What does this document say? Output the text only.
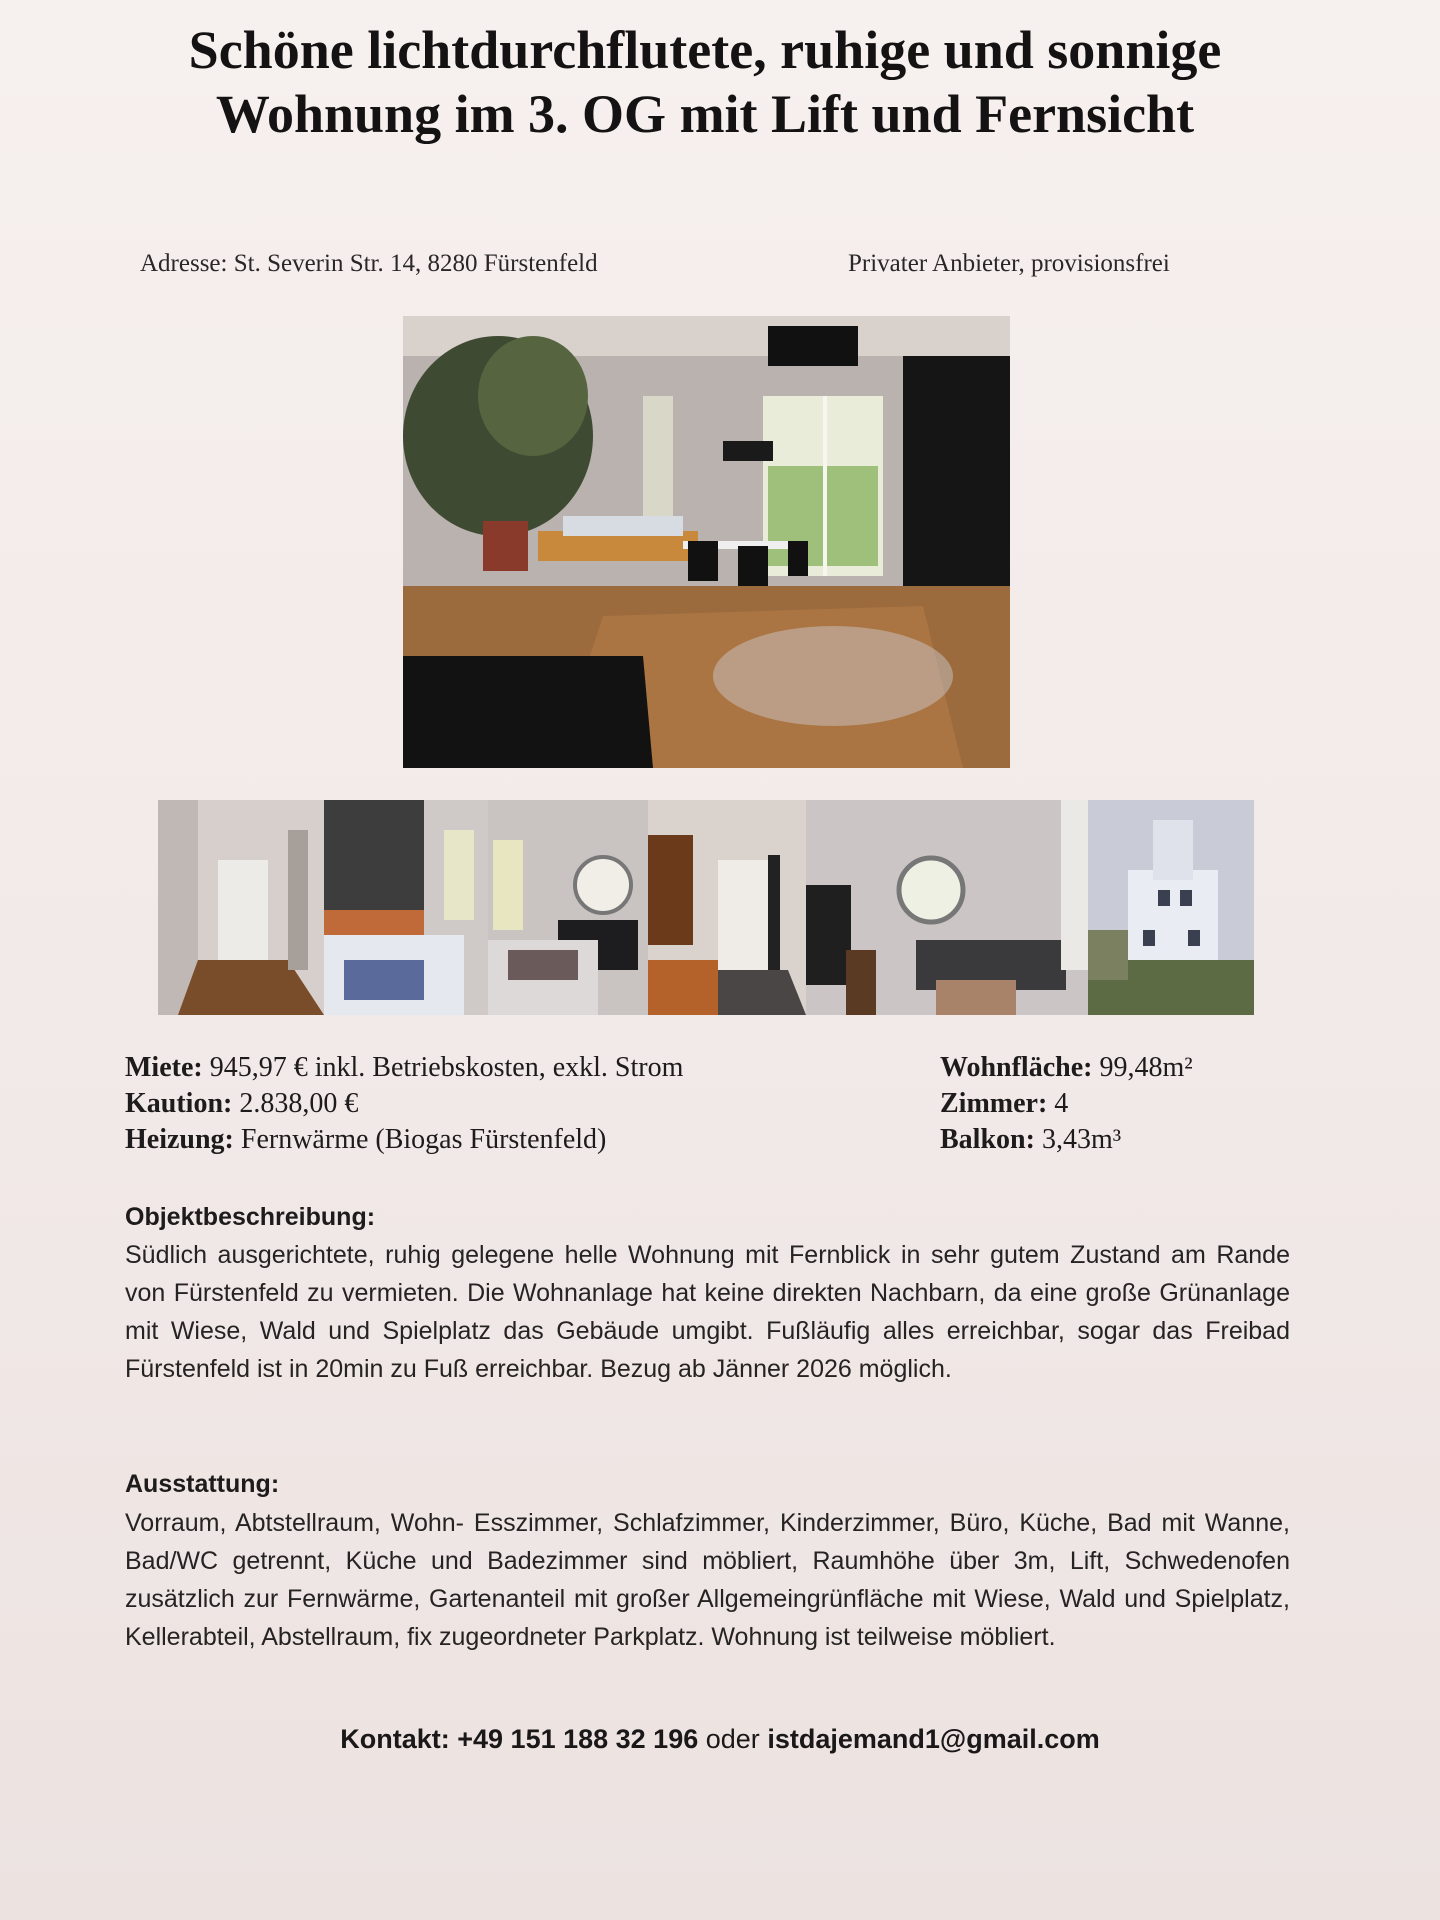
Schöne lichtdurchflutete, ruhige und sonnige Wohnung im 3. OG mit Lift und Fernsicht
Adresse: St. Severin Str. 14, 8280 Fürstenfeld	Privater Anbieter, provisionsfrei
Miete: 945,97 € inkl. Betriebskosten, exkl. Strom
Kaution: 2.838,00 €
Heizung: Fernwärme (Biogas Fürstenfeld)
Wohnfläche: 99,48m²
Zimmer: 4
Balkon: 3,43m³
Objektbeschreibung:

Südlich ausgerichtete, ruhig gelegene helle Wohnung mit Fernblick in sehr gutem Zustand am Rande von Fürstenfeld zu vermieten. Die Wohnanlage hat keine direkten Nachbarn, da eine große Grünanlage mit Wiese, Wald und Spielplatz das Gebäude umgibt. Fußläufig alles erreichbar, sogar das Freibad Fürstenfeld ist in 20min zu Fuß erreichbar. Bezug ab Jänner 2026 möglich.

Ausstattung:

Vorraum, Abtstellraum, Wohn- Esszimmer, Schlafzimmer, Kinderzimmer, Büro, Küche, Bad mit Wanne, Bad/WC getrennt, Küche und Badezimmer sind möbliert, Raumhöhe über 3m, Lift, Schwedenofen zusätzlich zur Fernwärme, Gartenanteil mit großer Allgemeingrünfläche mit Wiese, Wald und Spielplatz, Kellerabteil, Abstellraum, fix zugeordneter Parkplatz. Wohnung ist teilweise möbliert.

Kontakt: +49 151 188 32 196 oder istdajemand1@gmail.com
